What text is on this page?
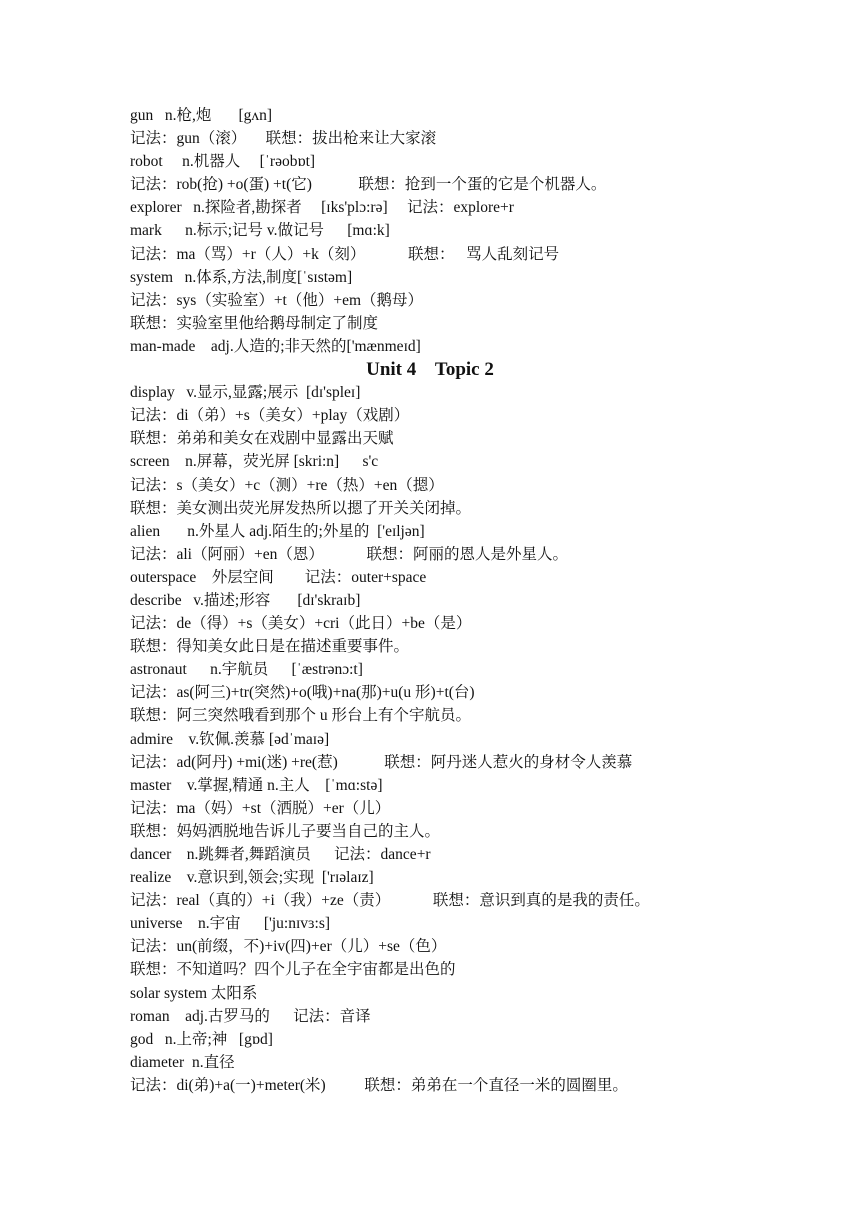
gun   n.枪,炮       [gʌn]
记法：gun（滚）     联想：拔出枪来让大家滚
robot     n.机器人     [ˈrəobɒt]
记法：rob(抢) +o(蛋) +t(它)            联想：抢到一个蛋的它是个机器人。
explorer   n.探险者,勘探者     [ɪks'plɔ:rə]     记法：explore+r
mark      n.标示;记号 v.做记号      [mɑ:k]
记法：ma（骂）+r（人）+k（刻）           联想：   骂人乱刻记号
system   n.体系,方法,制度[ˈsɪstəm]
记法：sys（实验室）+t（他）+em（鹅母）
联想：实验室里他给鹅母制定了制度
man-made    adj.人造的;非天然的['mænmeɪd]
Unit 4    Topic 2
display   v.显示,显露;展示  [dɪ'spleɪ]
记法：di（弟）+s（美女）+play（戏剧）
联想：弟弟和美女在戏剧中显露出天赋
screen    n.屏幕，荧光屏 [skri:n]      s'c
记法：s（美女）+c（测）+re（热）+en（摁）
联想：美女测出荧光屏发热所以摁了开关关闭掉。
alien       n.外星人 adj.陌生的;外星的  ['eɪljən]
记法：ali（阿丽）+en（恩）           联想：阿丽的恩人是外星人。
outerspace    外层空间        记法：outer+space
describe   v.描述;形容       [dɪ'skraɪb]
记法：de（得）+s（美女）+cri（此日）+be（是）
联想：得知美女此日是在描述重要事件。
astronaut      n.宇航员      [ˈæstrənɔ:t]
记法：as(阿三)+tr(突然)+o(哦)+na(那)+u(u 形)+t(台)
联想：阿三突然哦看到那个 u 形台上有个宇航员。
admire    v.钦佩.羡慕 [ədˈmaɪə]
记法：ad(阿丹) +mi(迷) +re(惹)            联想：阿丹迷人惹火的身材令人羡慕
master    v.掌握,精通 n.主人    [ˈmɑ:stə]
记法：ma（妈）+st（洒脱）+er（儿）
联想：妈妈洒脱地告诉儿子要当自己的主人。
dancer    n.跳舞者,舞蹈演员      记法：dance+r
realize    v.意识到,领会;实现  ['rɪəlaɪz]
记法：real（真的）+i（我）+ze（责）           联想：意识到真的是我的责任。
universe    n.宇宙      ['ju:nɪvɜ:s]
记法：un(前缀，不)+iv(四)+er（儿）+se（色）
联想：不知道吗？四个儿子在全宇宙都是出色的
solar system 太阳系
roman    adj.古罗马的      记法：音译
god   n.上帝;神   [gɒd]
diameter  n.直径
记法：di(弟)+a(一)+meter(米)          联想：弟弟在一个直径一米的圆圈里。
